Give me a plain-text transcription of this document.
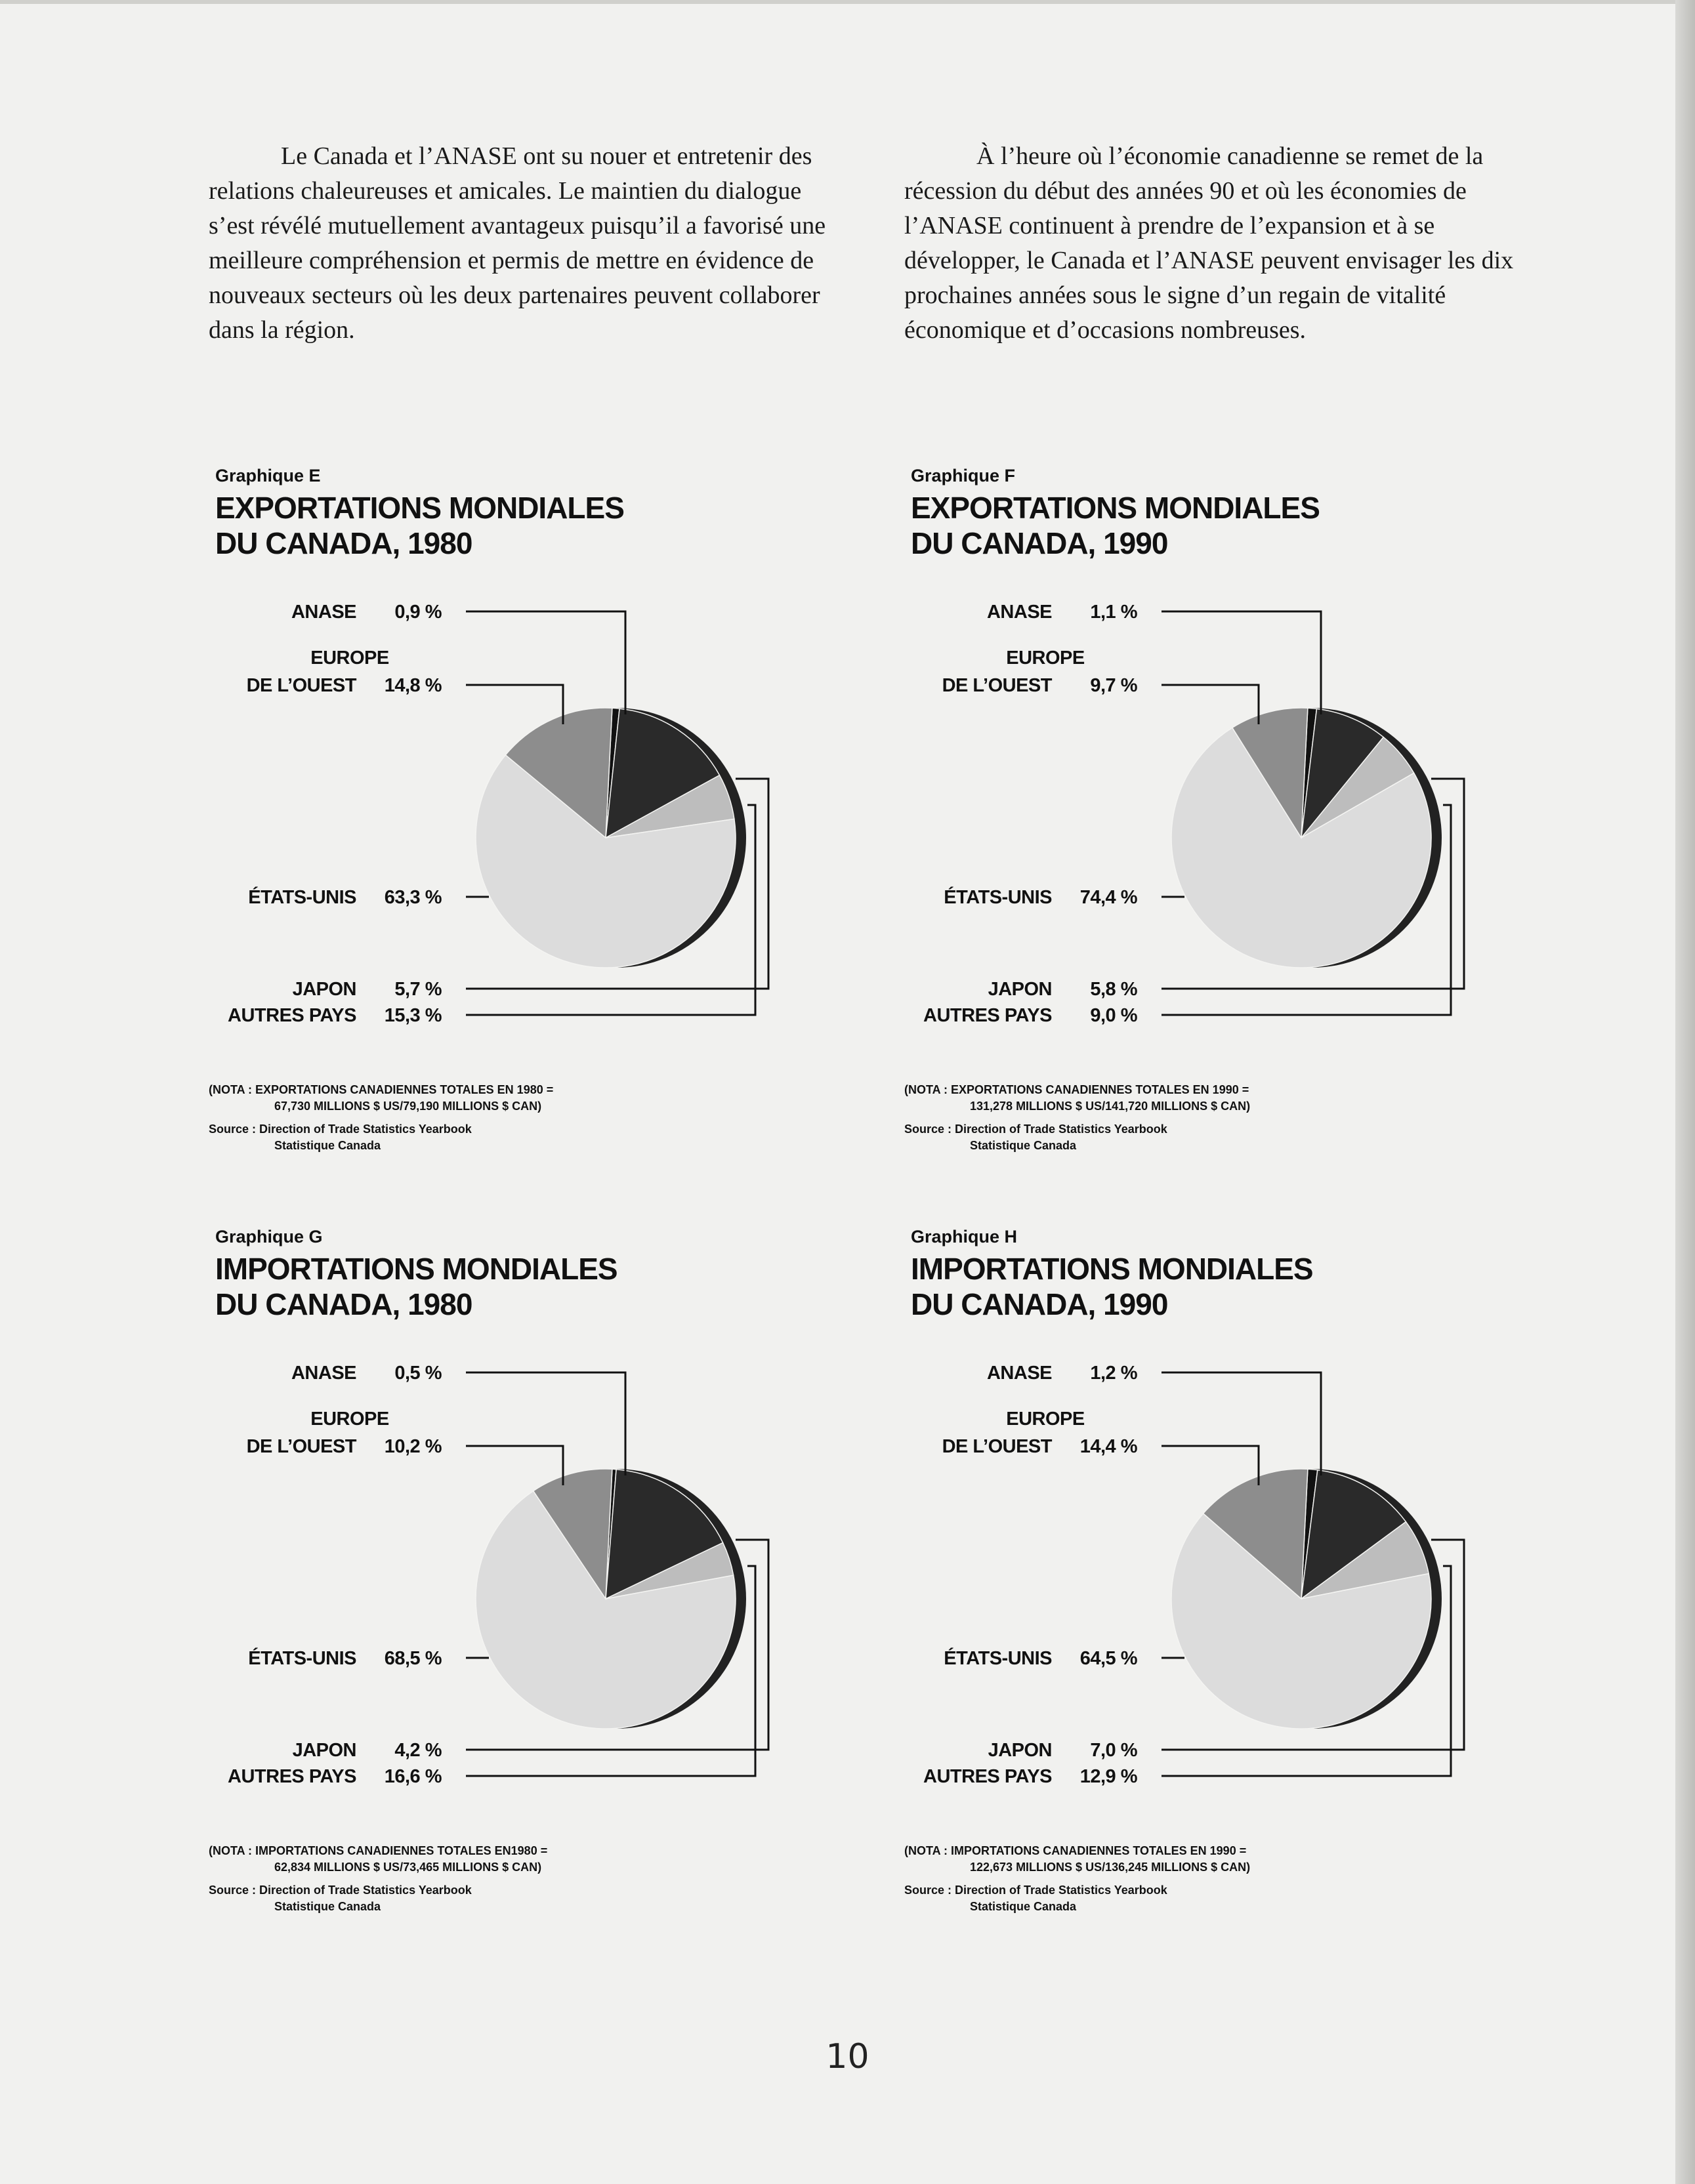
Le Canada et l’ANASE ont su nouer et entretenir des relations chaleureuses et amicales. Le maintien du dialogue s’est révélé mutuellement avantageux puisqu’il a favorisé une meilleure compréhension et permis de mettre en évidence de nouveaux secteurs où les deux partenaires peuvent collaborer dans la région.

À l’heure où l’économie canadienne se remet de la récession du début des années 90 et où les économies de l’ANASE continuent à prendre de l’expansion et à se développer, le Canada et l’ANASE peuvent envisager les dix prochaines années sous le signe d’un regain de vitalité économique et d’occasions nombreuses.

Graphique E
EXPORTATIONS MONDIALES
DU CANADA, 1980
ANASE 0,9 %
EUROPE
DE L’OUEST 14,8 %
ÉTATS-UNIS 63,3 %
JAPON 5,7 %
AUTRES PAYS 15,3 %
(NOTA : EXPORTATIONS CANADIENNES TOTALES EN 1980 =
67,730 MILLIONS $ US/79,190 MILLIONS $ CAN)
Source : Direction of Trade Statistics Yearbook
Statistique Canada
Graphique F
EXPORTATIONS MONDIALES
DU CANADA, 1990
ANASE 1,1 %
EUROPE
DE L’OUEST 9,7 %
ÉTATS-UNIS 74,4 %
JAPON 5,8 %
AUTRES PAYS 9,0 %
(NOTA : EXPORTATIONS CANADIENNES TOTALES EN 1990 =
131,278 MILLIONS $ US/141,720 MILLIONS $ CAN)
Source : Direction of Trade Statistics Yearbook
Statistique Canada
Graphique G
IMPORTATIONS MONDIALES
DU CANADA, 1980
ANASE 0,5 %
EUROPE
DE L’OUEST 10,2 %
ÉTATS-UNIS 68,5 %
JAPON 4,2 %
AUTRES PAYS 16,6 %
(NOTA : IMPORTATIONS CANADIENNES TOTALES EN1980 =
62,834 MILLIONS $ US/73,465 MILLIONS $ CAN)
Source : Direction of Trade Statistics Yearbook
Statistique Canada
Graphique H
IMPORTATIONS MONDIALES
DU CANADA, 1990
ANASE 1,2 %
EUROPE
DE L’OUEST 14,4 %
ÉTATS-UNIS 64,5 %
JAPON 7,0 %
AUTRES PAYS 12,9 %
(NOTA : IMPORTATIONS CANADIENNES TOTALES EN 1990 =
122,673 MILLIONS $ US/136,245 MILLIONS $ CAN)
Source : Direction of Trade Statistics Yearbook
Statistique Canada
10
